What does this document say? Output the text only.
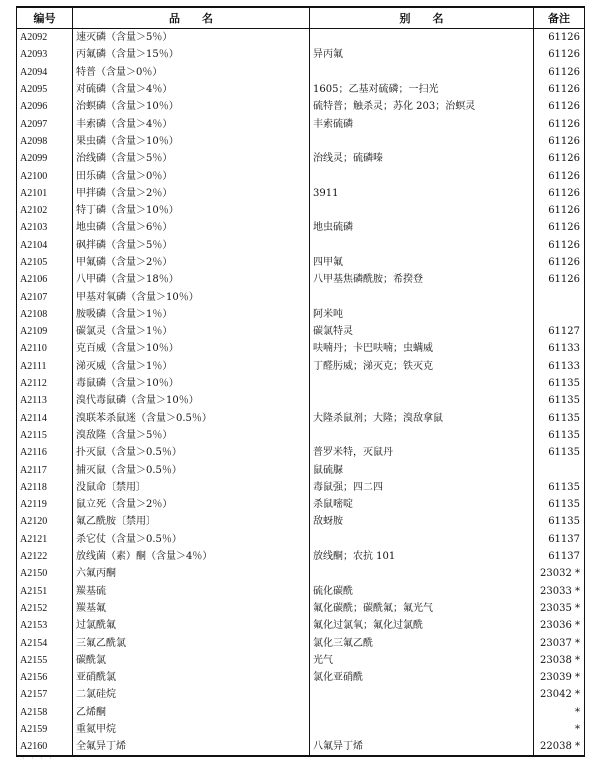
编号	品　　名	别　　名	备注
A2092	速灭磷（含量＞5％）		61126
A2093	丙氟磷（含量＞15％）	异丙氟	61126
A2094	特普（含量＞0％）		61126
A2095	对硫磷（含量＞4％）	1605；乙基对硫磷；一扫光	61126
A2096	治螟磷（含量＞10％）	硫特普；触杀灵；苏化 203；治螟灵	61126
A2097	丰索磷（含量＞4％）	丰索硫磷	61126
A2098	果虫磷（含量＞10％）		61126
A2099	治线磷（含量＞5％）	治线灵；硫磷嗪	61126
A2100	田乐磷（含量＞0％）		61126
A2101	甲拌磷（含量＞2％）	3911	61126
A2102	特丁磷（含量＞10％）		61126
A2103	地虫磷（含量＞6％）	地虫硫磷	61126
A2104	砜拌磷（含量＞5％）		61126
A2105	甲氟磷（含量＞2％）	四甲氟	61126
A2106	八甲磷（含量＞18％）	八甲基焦磷酰胺；希揆登	61126
A2107	甲基对氧磷（含量＞10％）		
A2108	胺吸磷（含量＞1％）	阿米吨	
A2109	碳氯灵（含量＞1％）	碳氯特灵	61127
A2110	克百威（含量＞10％）	呋喃丹；卡巴呋喃；虫螨威	61133
A2111	涕灭威（含量＞1％）	丁醛肟威；涕灭克；铁灭克	61133
A2112	毒鼠磷（含量＞10％）		61135
A2113	溴代毒鼠磷（含量＞10％）		61135
A2114	溴联苯杀鼠迷（含量＞0.5％）	大隆杀鼠剂；大隆；溴敌拿鼠	61135
A2115	溴敌隆（含量＞5％）		61135
A2116	扑灭鼠（含量＞0.5％）	普罗米特，灭鼠丹	61135
A2117	捕灭鼠（含量＞0.5％）	鼠硫脲	
A2118	没鼠命〔禁用〕	毒鼠强；四二四	61135
A2119	鼠立死（含量＞2％）	杀鼠嘧啶	61135
A2120	氟乙酰胺〔禁用〕	敌蚜胺	61135
A2121	杀它仗（含量＞0.5％）		61137
A2122	放线菌（素）酮（含量＞4％）	放线酮；农抗 101	61137
A2150	六氟丙酮		23032 *
A2151	羰基硫	硫化碳酰	23033 *
A2152	羰基氟	氟化碳酰；碳酰氟；氟光气	23035 *
A2153	过氯酰氟	氟化过氯氧；氟化过氯酰	23036 *
A2154	三氟乙酰氯	氯化三氟乙酰	23037 *
A2155	碳酰氯	光气	23038 *
A2156	亚硝酰氯	氯化亚硝酰	23039 *
A2157	二氯硅烷		23042 *
A2158	乙烯酮		*
A2159	重氮甲烷		*
A2160	全氟异丁烯	八氟异丁烯	22038 *
· · · ·
